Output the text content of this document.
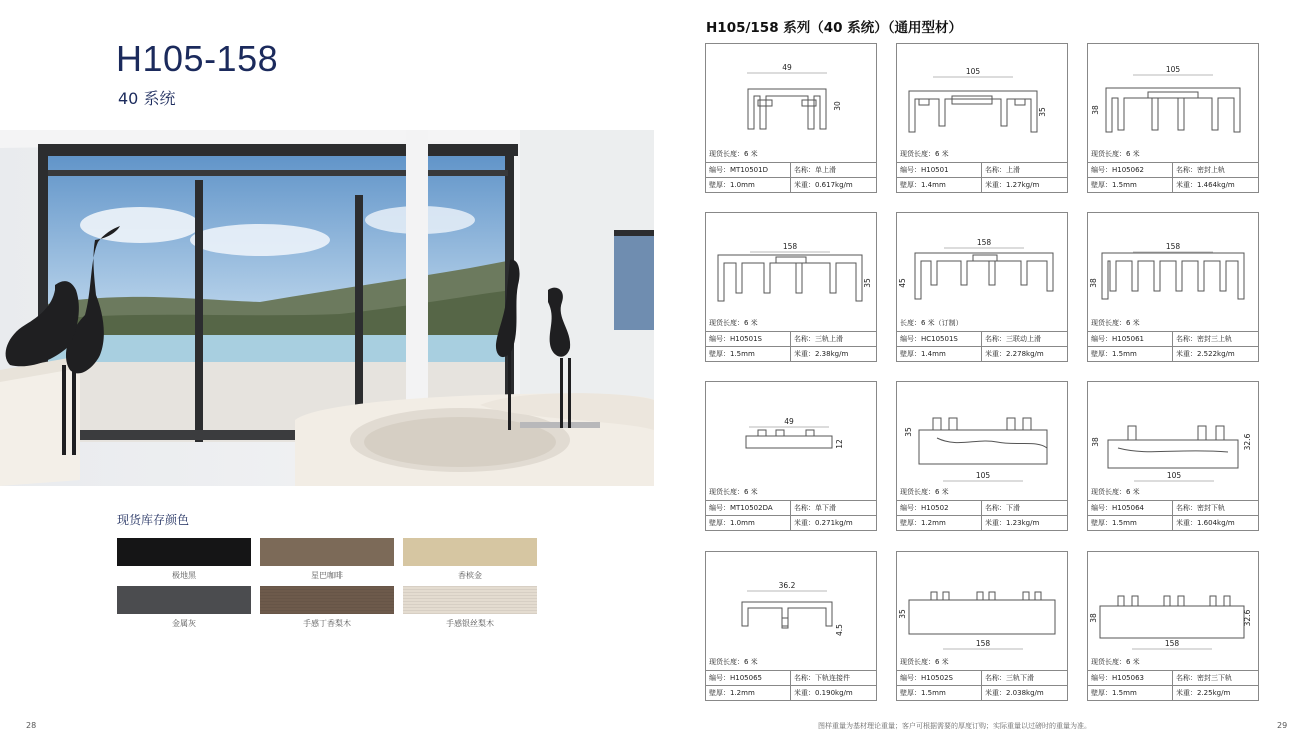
H105-158
40 系统
现货库存颜色
极地黑	星巴咖啡	香槟金
金属灰	手感丁香梨木	手感银丝梨木
28
H105/158 系列（40 系统）（通用型材）
49
30
现货长度：6 米
编号：MT10501D	名称：单上滑
壁厚：1.0mm	米重：0.617kg/m
105
35
现货长度：6 米
编号：H10501	名称：上滑
壁厚：1.4mm	米重：1.27kg/m
105
38
现货长度：6 米
编号：H105062	名称：密封上轨
壁厚：1.5mm	米重：1.464kg/m
158
35
现货长度：6 米
编号：H10501S	名称：三轨上滑
壁厚：1.5mm	米重：2.38kg/m
158
45
长度：6 米（订制）
编号：HC10501S	名称：三联动上滑
壁厚：1.4mm	米重：2.278kg/m
158
38
现货长度：6 米
编号：H105061	名称：密封三上轨
壁厚：1.5mm	米重：2.522kg/m
49
12
现货长度：6 米
编号：MT10502DA	名称：单下滑
壁厚：1.0mm	米重：0.271kg/m
105
35
现货长度：6 米
编号：H10502	名称：下滑
壁厚：1.2mm	米重：1.23kg/m
105
38	32.6
现货长度：6 米
编号：H105064	名称：密封下轨
壁厚：1.5mm	米重：1.604kg/m
36.2
4.5
现货长度：6 米
编号：H105065	名称：下轨连接件
壁厚：1.2mm	米重：0.190kg/m
158
35
现货长度：6 米
编号：H10502S	名称：三轨下滑
壁厚：1.5mm	米重：2.038kg/m
158
38	32.6
现货长度：6 米
编号：H105063	名称：密封三下轨
壁厚：1.5mm	米重：2.25kg/m
图样重量为基材理论重量；客户可根据需要的厚度订购；实际重量以过磅时的重量为准。	29
